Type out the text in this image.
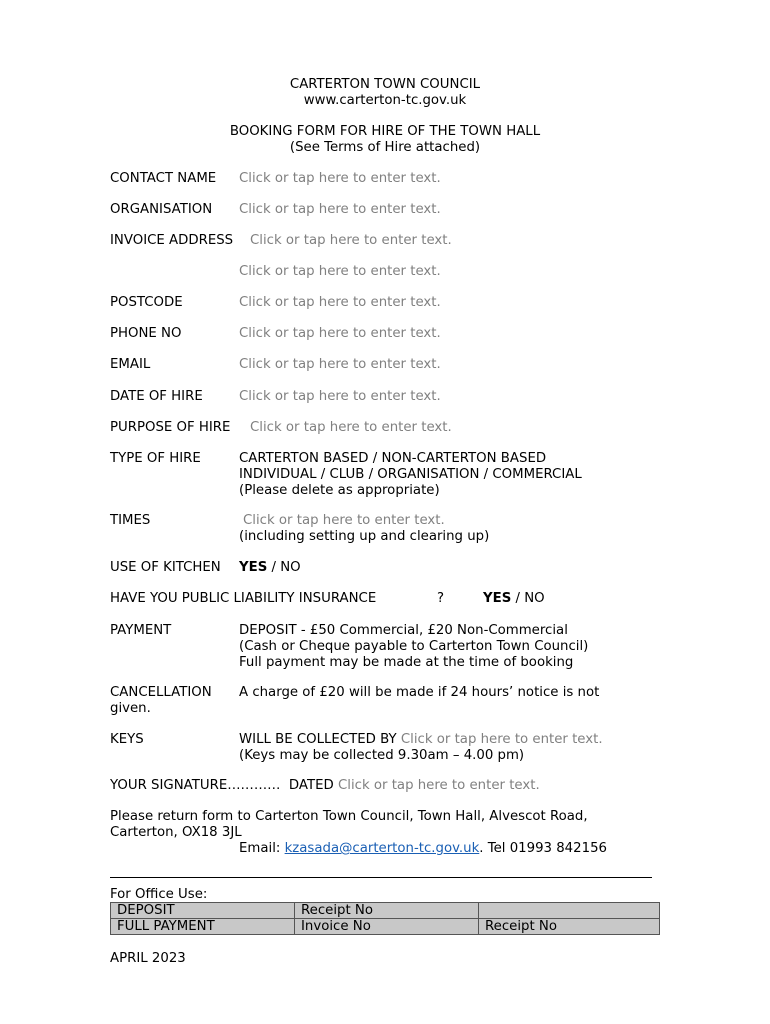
CARTERTON TOWN COUNCIL
www.carterton-tc.gov.uk
BOOKING FORM FOR HIRE OF THE TOWN HALL
(See Terms of Hire attached)
CONTACT NAME Click or tap here to enter text.
ORGANISATION Click or tap here to enter text.
INVOICE ADDRESS Click or tap here to enter text.
Click or tap here to enter text.
POSTCODE	Click or tap here to enter text.
PHONE NO	Click or tap here to enter text.
EMAIL	Click or tap here to enter text.
DATE OF HIRE	Click or tap here to enter text.
PURPOSE OF HIRE Click or tap here to enter text.
TYPE OF HIRE	CARTERTON BASED / NON-CARTERTON BASED
INDIVIDUAL / CLUB / ORGANISATION / COMMERCIAL
(Please delete as appropriate)
TIMES	Click or tap here to enter text.
(including setting up and clearing up)
USE OF KITCHEN YES / NO
HAVE YOU PUBLIC LIABILITY INSURANCE	?	YES / NO
PAYMENT	DEPOSIT - £50 Commercial, £20 Non-Commercial
(Cash or Cheque payable to Carterton Town Council)
Full payment may be made at the time of booking
CANCELLATION A charge of £20 will be made if 24 hours’ notice is not
given.
KEYS	WILL BE COLLECTED BY Click or tap here to enter text.
(Keys may be collected 9.30am – 4.00 pm)
YOUR SIGNATURE………… DATED Click or tap here to enter text.
Please return form to Carterton Town Council, Town Hall, Alvescot Road,
Carterton, OX18 3JL
Email: kzasada@carterton-tc.gov.uk. Tel 01993 842156
For Office Use:
DEPOSIT	Receipt No	
FULL PAYMENT	Invoice No	Receipt No
APRIL 2023
